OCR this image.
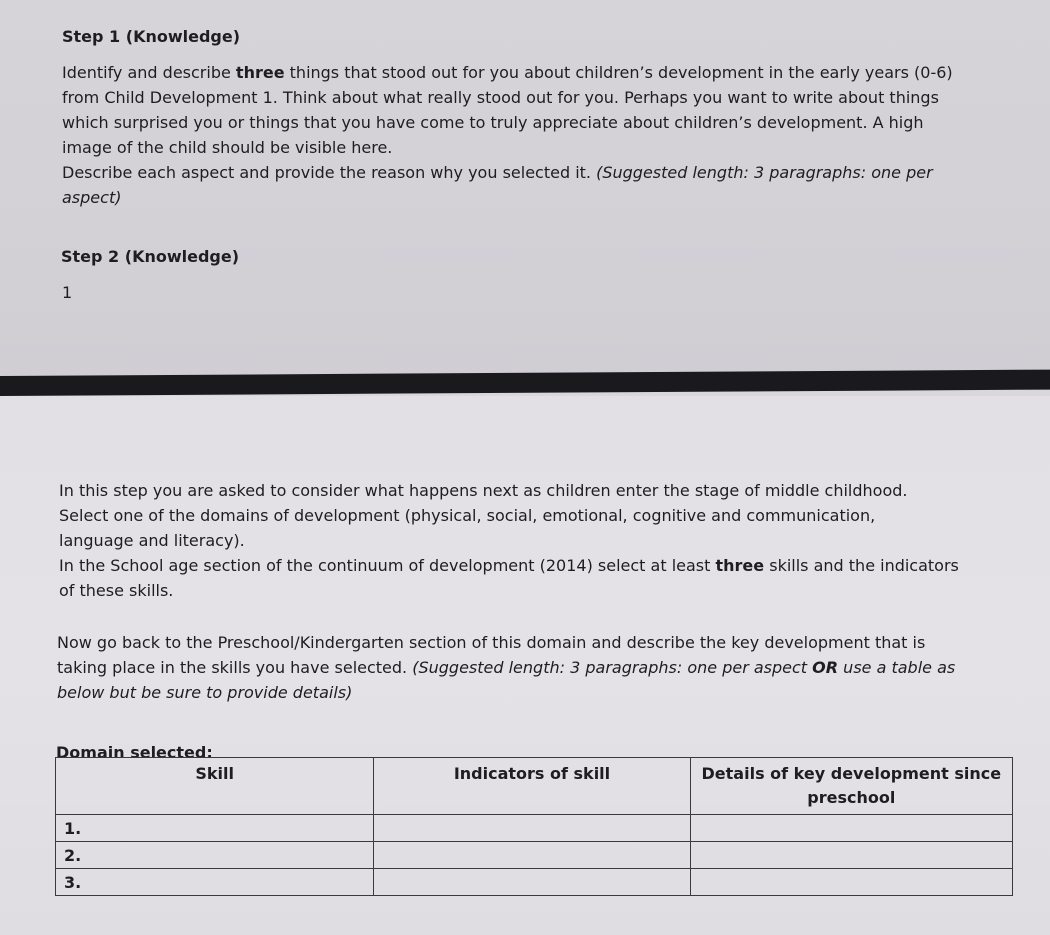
Step 1 (Knowledge)
Identify and describe three things that stood out for you about children’s development in the early years (0-6)
from Child Development 1. Think about what really stood out for you. Perhaps you want to write about things
which surprised you or things that you have come to truly appreciate about children’s development. A high
image of the child should be visible here.
Describe each aspect and provide the reason why you selected it. (Suggested length: 3 paragraphs: one per
aspect)
Step 2 (Knowledge)
1
In this step you are asked to consider what happens next as children enter the stage of middle childhood.
Select one of the domains of development (physical, social, emotional, cognitive and communication,
language and literacy).
In the School age section of the continuum of development (2014) select at least three skills and the indicators
of these skills.
Now go back to the Preschool/Kindergarten section of this domain and describe the key development that is
taking place in the skills you have selected. (Suggested length: 3 paragraphs: one per aspect OR use a table as
below but be sure to provide details)
Domain selected:
Skill	Indicators of skill	Details of key development since
preschool

1.		
2.		
3.		
